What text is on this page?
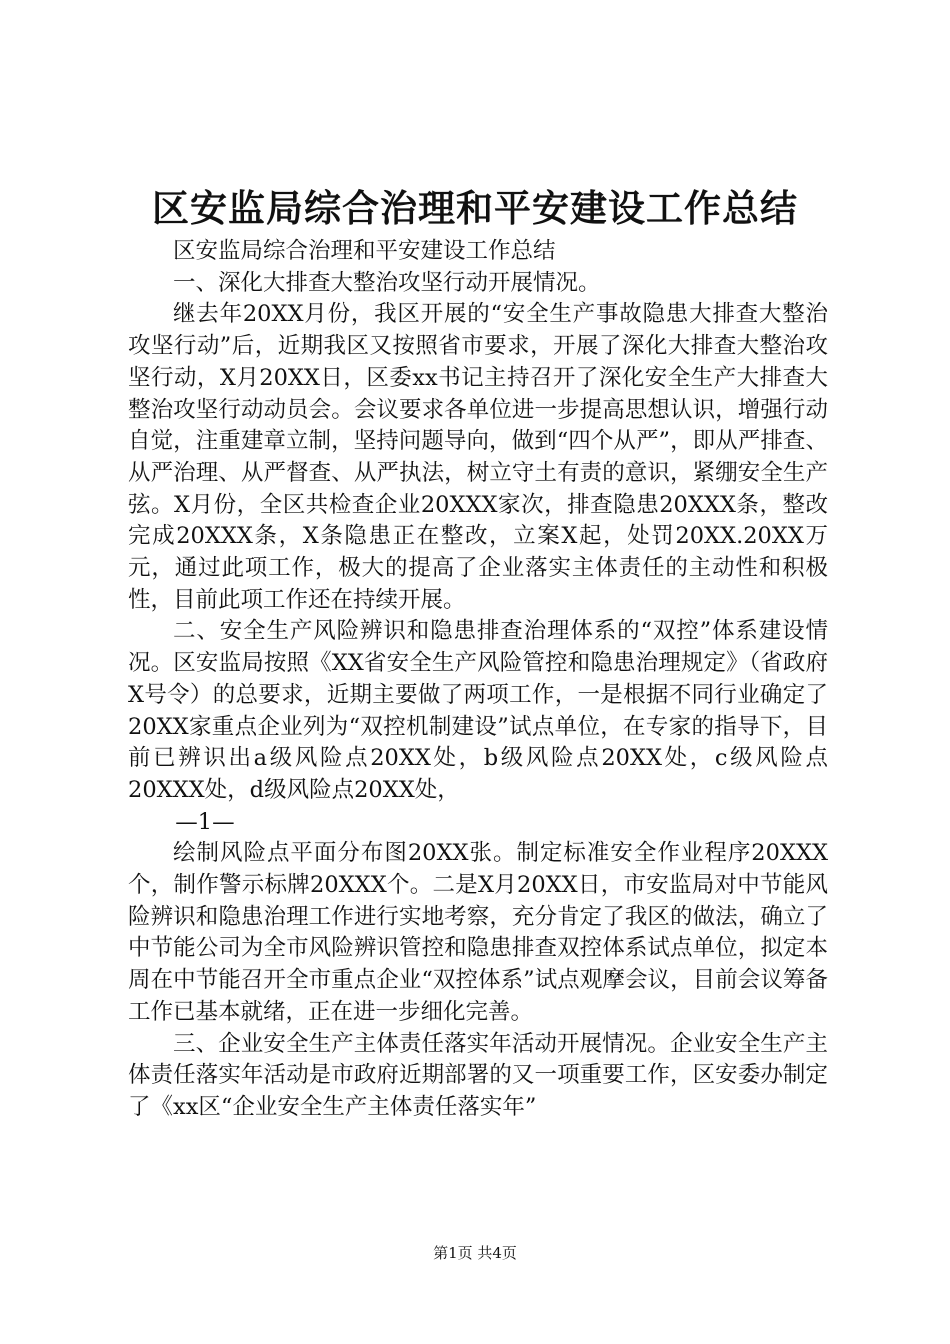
区安监局综合治理和平安建设工作总结

区安监局综合治理和平安建设工作总结

一、深化大排查大整治攻坚行动开展情况。

继去年20XX月份，我区开展的“安全生产事故隐患大排查大整治攻坚行动”后，近期我区又按照省市要求，开展了深化大排查大整治攻坚行动，X月20XX日，区委xx书记主持召开了深化安全生产大排查大整治攻坚行动动员会。会议要求各单位进一步提高思想认识，增强行动自觉，注重建章立制，坚持问题导向，做到“四个从严”，即从严排查、从严治理、从严督查、从严执法，树立守土有责的意识，紧绷安全生产弦。X月份，全区共检查企业20XXX家次，排查隐患20XXX条，整改完成20XXX条，X条隐患正在整改，立案X起，处罚20XX.20XX万元，通过此项工作，极大的提高了企业落实主体责任的主动性和积极性，目前此项工作还在持续开展。

二、安全生产风险辨识和隐患排查治理体系的“双控”体系建设情况。区安监局按照《XX省安全生产风险管控和隐患治理规定》（省政府X号令）的总要求，近期主要做了两项工作，一是根据不同行业确定了20XX家重点企业列为“双控机制建设”试点单位，在专家的指导下，目前已辨识出a级风险点20XX处，b级风险点20XX处，c级风险点20XXX处，d级风险点20XX处，

—1—

绘制风险点平面分布图20XX张。制定标准安全作业程序20XXX个，制作警示标牌20XXX个。二是X月20XX日，市安监局对中节能风险辨识和隐患治理工作进行实地考察，充分肯定了我区的做法，确立了中节能公司为全市风险辨识管控和隐患排查双控体系试点单位，拟定本周在中节能召开全市重点企业“双控体系”试点观摩会议，目前会议筹备工作已基本就绪，正在进一步细化完善。

三、企业安全生产主体责任落实年活动开展情况。企业安全生产主体责任落实年活动是市政府近期部署的又一项重要工作，区安委办制定了《xx区“企业安全生产主体责任落实年”

第1页 共4页
